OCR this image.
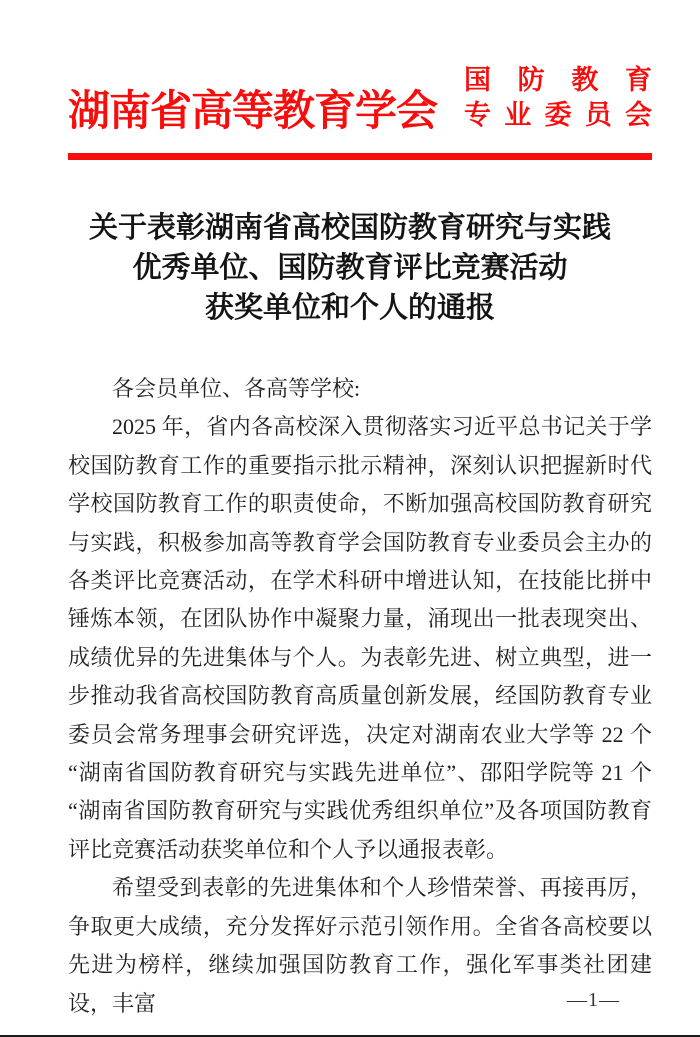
湖南省高等教育学会
国防教育
专业委员会
关于表彰湖南省高校国防教育研究与实践
优秀单位、国防教育评比竞赛活动
获奖单位和个人的通报

各会员单位、各高等学校:

2025 年，省内各高校深入贯彻落实习近平总书记关于学校国防教育工作的重要指示批示精神，深刻认识把握新时代学校国防教育工作的职责使命，不断加强高校国防教育研究与实践，积极参加高等教育学会国防教育专业委员会主办的各类评比竞赛活动，在学术科研中增进认知，在技能比拼中锤炼本领，在团队协作中凝聚力量，涌现出一批表现突出、成绩优异的先进集体与个人。为表彰先进、树立典型，进一步推动我省高校国防教育高质量创新发展，经国防教育专业委员会常务理事会研究评选，决定对湖南农业大学等 22 个“湖南省国防教育研究与实践先进单位”、邵阳学院等 21 个“湖南省国防教育研究与实践优秀组织单位”及各项国防教育评比竞赛活动获奖单位和个人予以通报表彰。

希望受到表彰的先进集体和个人珍惜荣誉、再接再厉，争取更大成绩，充分发挥好示范引领作用。全省各高校要以先进为榜样，继续加强国防教育工作，强化军事类社团建设，丰富	—1—
